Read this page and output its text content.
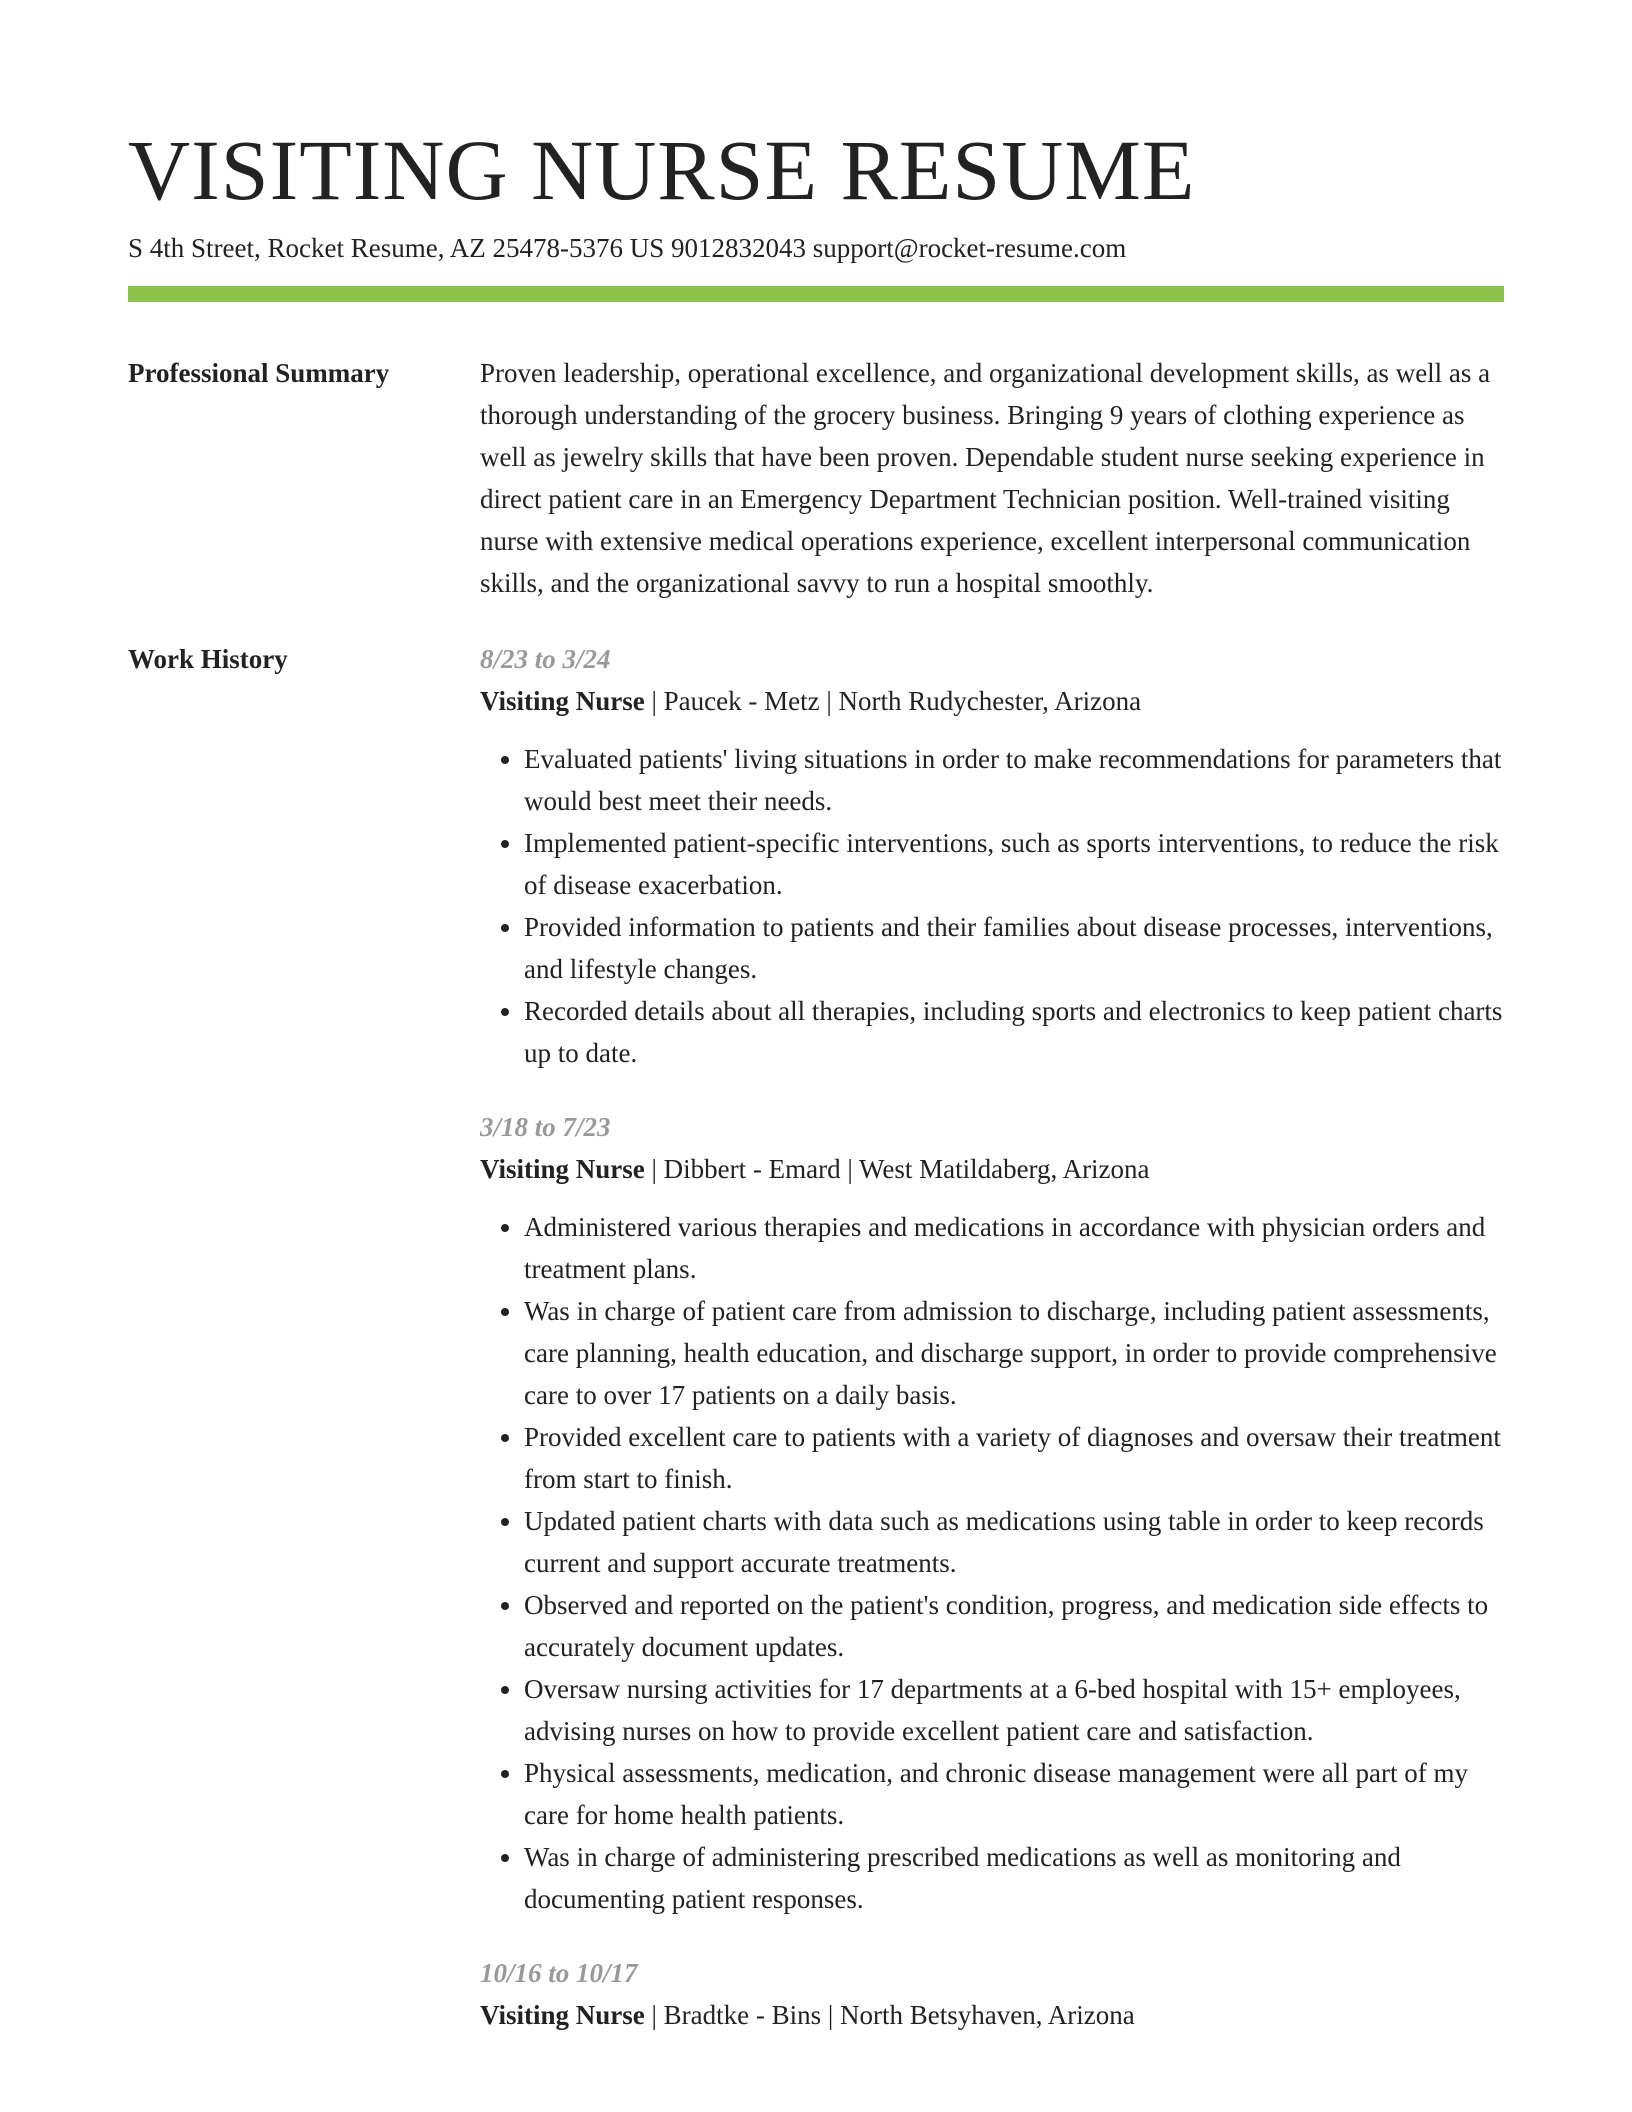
VISITING NURSE RESUME
S 4th Street, Rocket Resume, AZ 25478-5376 US 9012832043 support@rocket-resume.com
Professional Summary	Proven leadership, operational excellence, and organizational development skills, as well as a thorough understanding of the grocery business. Bringing 9 years of clothing experience as well as jewelry skills that have been proven. Dependable student nurse seeking experience in direct patient care in an Emergency Department Technician position. Well-trained visiting nurse with extensive medical operations experience, excellent interpersonal communication skills, and the organizational savvy to run a hospital smoothly.

Work History	8/23 to 3/24
Visiting Nurse | Paucek - Metz | North Rudychester, Arizona
• Evaluated patients' living situations in order to make recommendations for parameters that would best meet their needs.
• Implemented patient-specific interventions, such as sports interventions, to reduce the risk of disease exacerbation.
• Provided information to patients and their families about disease processes, interventions, and lifestyle changes.
• Recorded details about all therapies, including sports and electronics to keep patient charts up to date.
3/18 to 7/23
Visiting Nurse | Dibbert - Emard | West Matildaberg, Arizona
• Administered various therapies and medications in accordance with physician orders and treatment plans.
• Was in charge of patient care from admission to discharge, including patient assessments, care planning, health education, and discharge support, in order to provide comprehensive care to over 17 patients on a daily basis.
• Provided excellent care to patients with a variety of diagnoses and oversaw their treatment from start to finish.
• Updated patient charts with data such as medications using table in order to keep records current and support accurate treatments.
• Observed and reported on the patient's condition, progress, and medication side effects to accurately document updates.
• Oversaw nursing activities for 17 departments at a 6-bed hospital with 15+ employees, advising nurses on how to provide excellent patient care and satisfaction.
• Physical assessments, medication, and chronic disease management were all part of my care for home health patients.
• Was in charge of administering prescribed medications as well as monitoring and documenting patient responses.
10/16 to 10/17
Visiting Nurse | Bradtke - Bins | North Betsyhaven, Arizona
